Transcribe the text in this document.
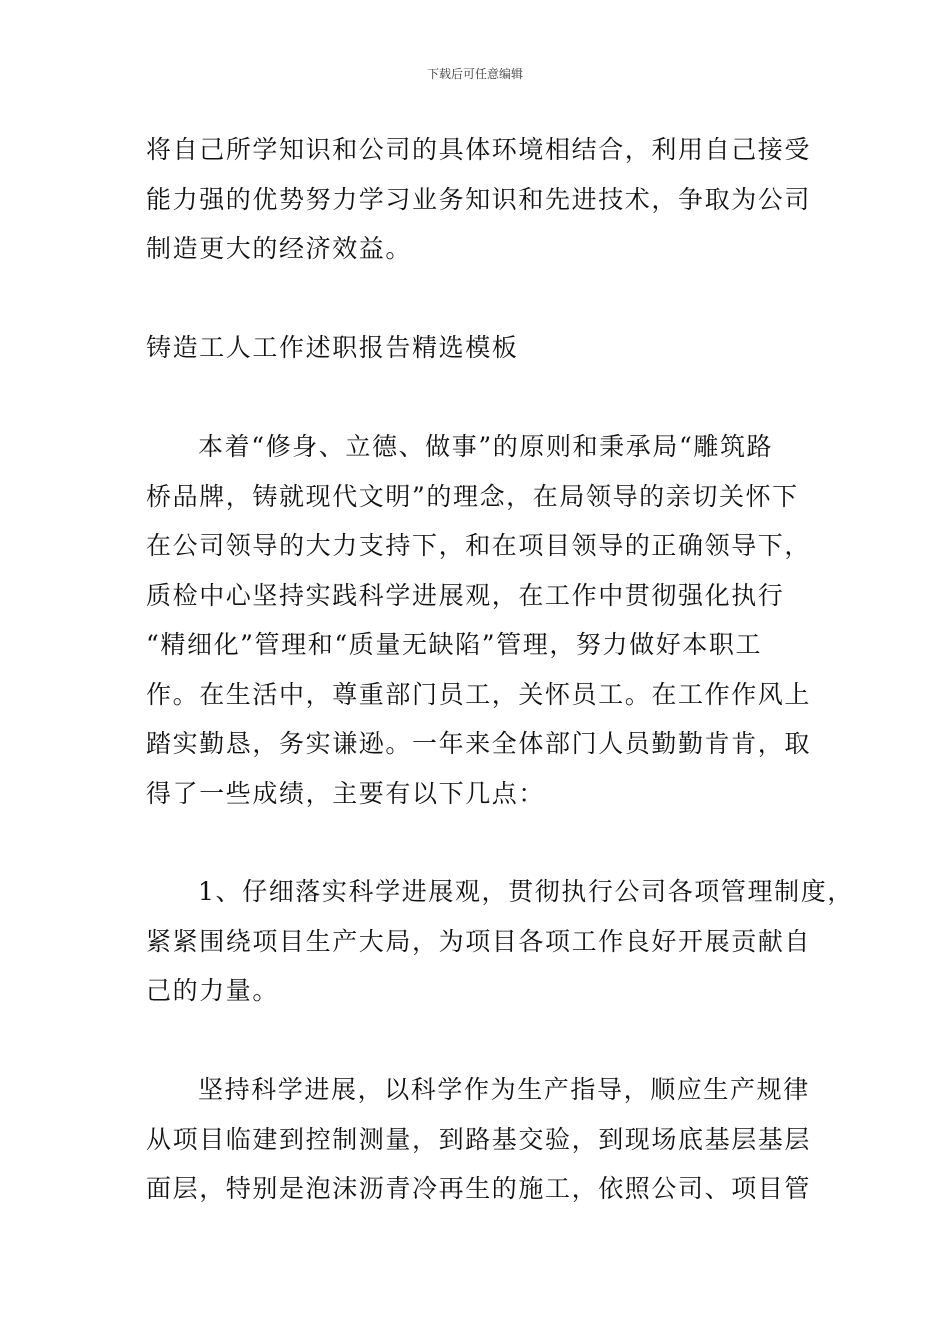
下载后可任意编辑
将自己所学知识和公司的具体环境相结合，利用自己接受
能力强的优势努力学习业务知识和先进技术，争取为公司
制造更大的经济效益。
铸造工人工作述职报告精选模板
本着“修身、立德、做事”的原则和秉承局“雕筑路
桥品牌，铸就现代文明”的理念，在局领导的亲切关怀下
在公司领导的大力支持下，和在项目领导的正确领导下，
质检中心坚持实践科学进展观，在工作中贯彻强化执行
“精细化”管理和“质量无缺陷”管理，努力做好本职工
作。在生活中，尊重部门员工，关怀员工。在工作作风上
踏实勤恳，务实谦逊。一年来全体部门人员勤勤肯肯，取
得了一些成绩，主要有以下几点：
1、仔细落实科学进展观，贯彻执行公司各项管理制度，
紧紧围绕项目生产大局，为项目各项工作良好开展贡献自
己的力量。
坚持科学进展，以科学作为生产指导，顺应生产规律
从项目临建到控制测量，到路基交验，到现场底基层基层
面层，特别是泡沫沥青冷再生的施工，依照公司、项目管
